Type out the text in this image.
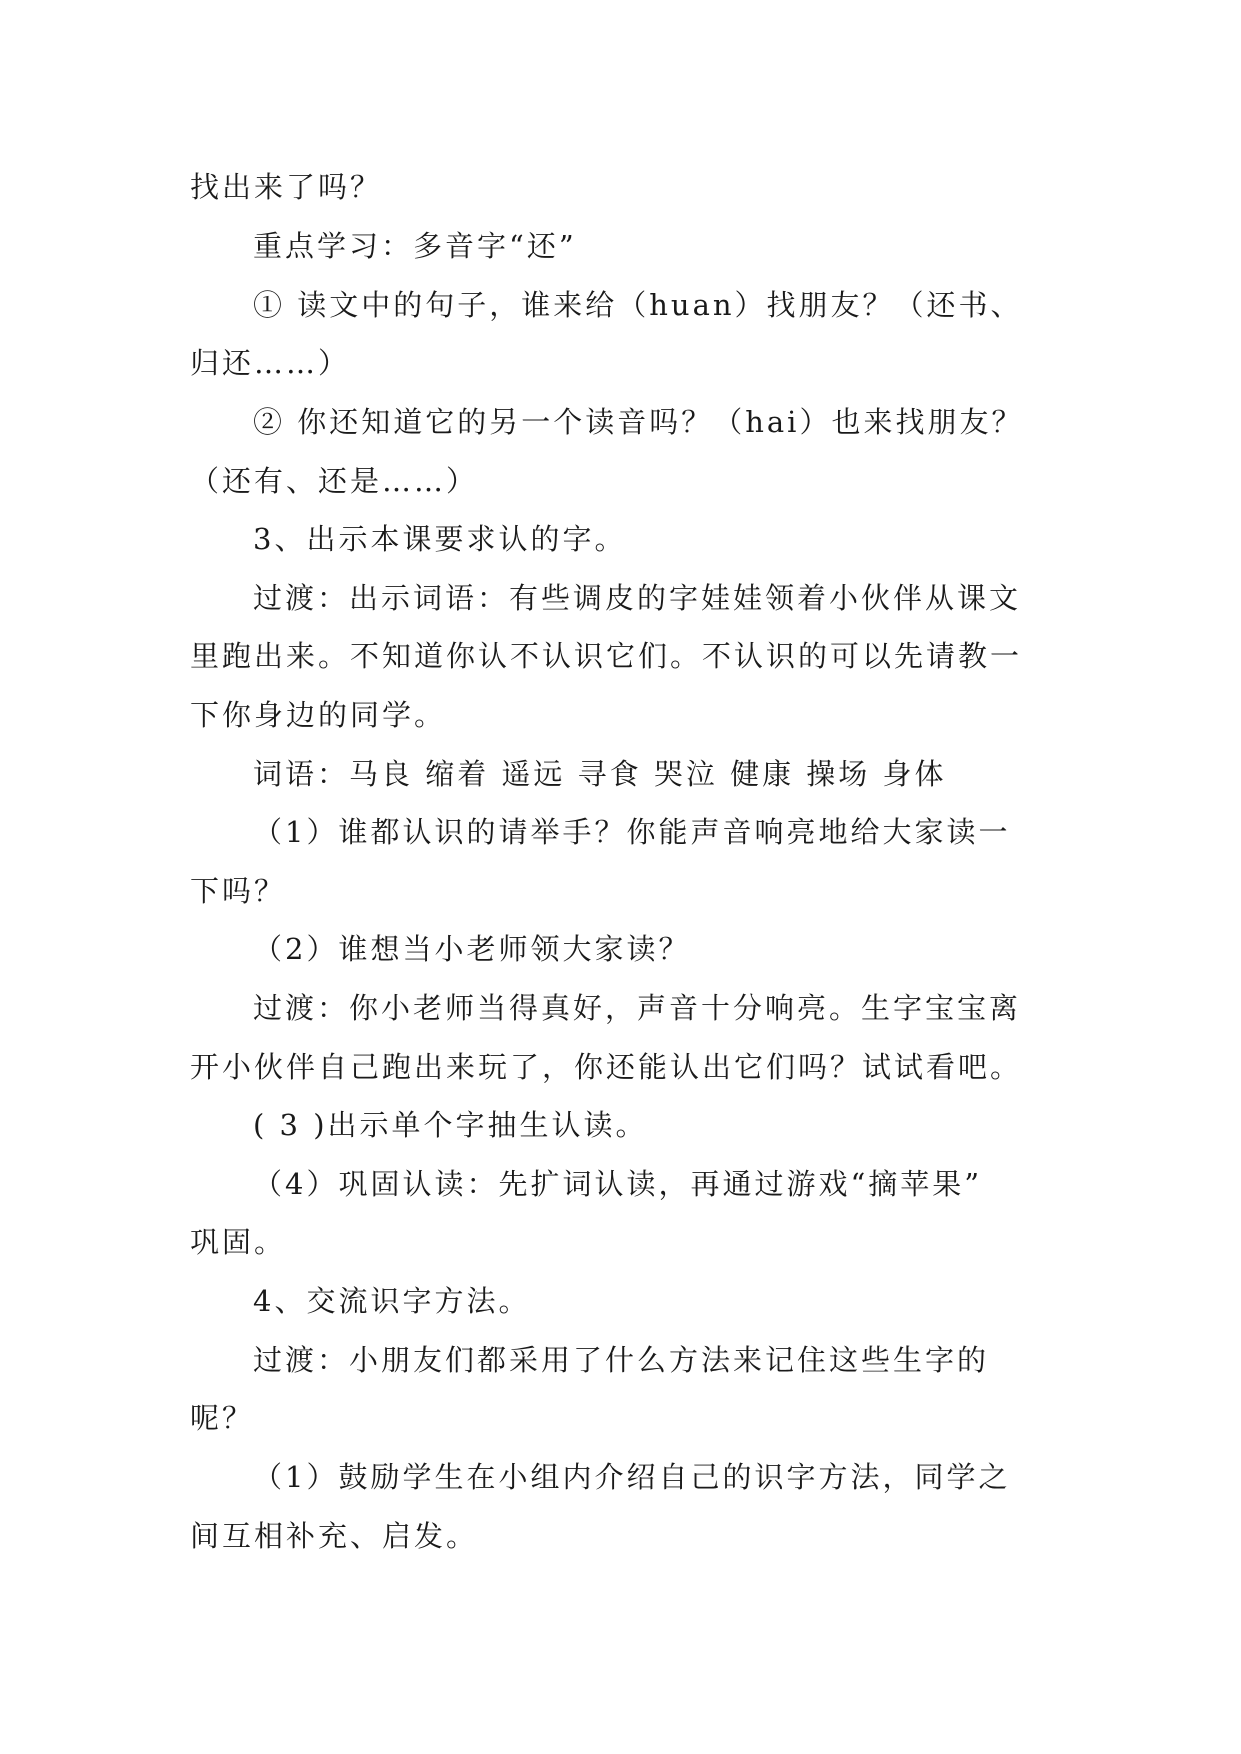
找出来了吗？
重点学习：多音字“还”
① 读文中的句子，谁来给（huan）找朋友？（还书、
归还……）
② 你还知道它的另一个读音吗？（hai）也来找朋友？
（还有、还是……）
3、出示本课要求认的字。
过渡：出示词语：有些调皮的字娃娃领着小伙伴从课文
里跑出来。不知道你认不认识它们。不认识的可以先请教一
下你身边的同学。
词语：马良 缩着 遥远 寻食 哭泣 健康 操场 身体
（1）谁都认识的请举手？你能声音响亮地给大家读一
下吗？
（2）谁想当小老师领大家读？
过渡：你小老师当得真好，声音十分响亮。生字宝宝离
开小伙伴自己跑出来玩了，你还能认出它们吗？试试看吧。
( 3 )出示单个字抽生认读。
（4）巩固认读：先扩词认读，再通过游戏“摘苹果”
巩固。
4、交流识字方法。
过渡：小朋友们都采用了什么方法来记住这些生字的
呢？
（1）鼓励学生在小组内介绍自己的识字方法，同学之
间互相补充、启发。
